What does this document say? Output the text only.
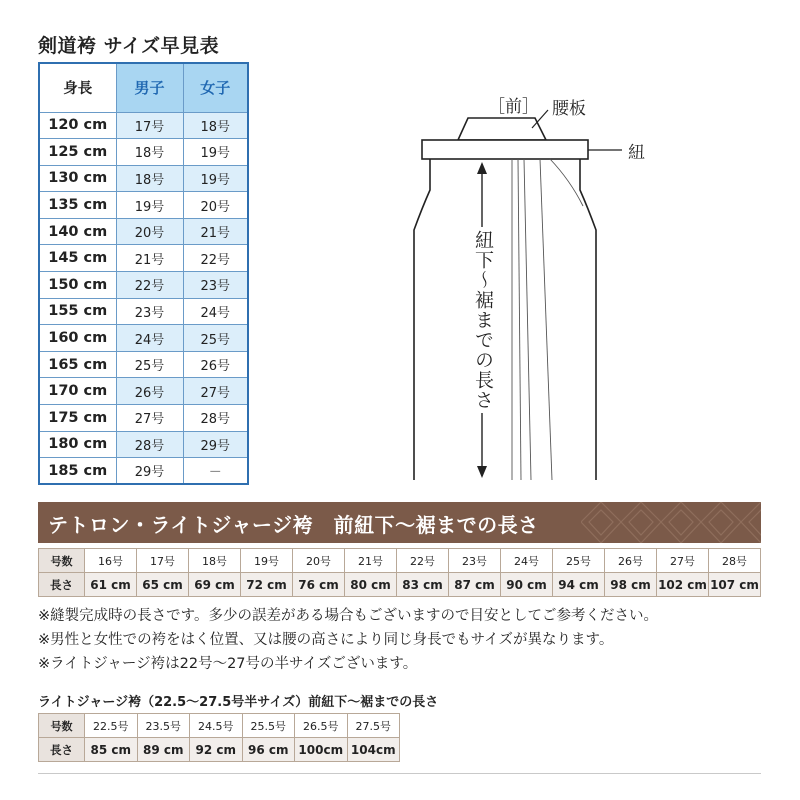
剣道袴 サイズ早見表
身長	男子	女子
120 cm	17号	18号
125 cm	18号	19号
130 cm	18号	19号
135 cm	19号	20号
140 cm	20号	21号
145 cm	21号	22号
150 cm	22号	23号
155 cm	23号	24号
160 cm	24号	25号
165 cm	25号	26号
170 cm	26号	27号
175 cm	27号	28号
180 cm	28号	29号
185 cm	29号	－
［前］ 腰板
紐
紐下～裾までの長さ
テトロン・ライトジャージ袴　前紐下～裾までの長さ
号数	16号	17号	18号	19号	20号	21号	22号	23号	24号	25号	26号	27号	28号
長さ	61 cm	65 cm	69 cm	72 cm	76 cm	80 cm	83 cm	87 cm	90 cm	94 cm	98 cm	102 cm	107 cm
※縫製完成時の長さです。多少の誤差がある場合もございますので目安としてご参考ください。
※男性と女性での袴をはく位置、又は腰の高さにより同じ身長でもサイズが異なります。
※ライトジャージ袴は22号～27号の半サイズございます。
ライトジャージ袴（22.5～27.5号半サイズ）前紐下～裾までの長さ
号数	22.5号	23.5号	24.5号	25.5号	26.5号	27.5号
長さ	85 cm	89 cm	92 cm	96 cm	100cm	104cm
